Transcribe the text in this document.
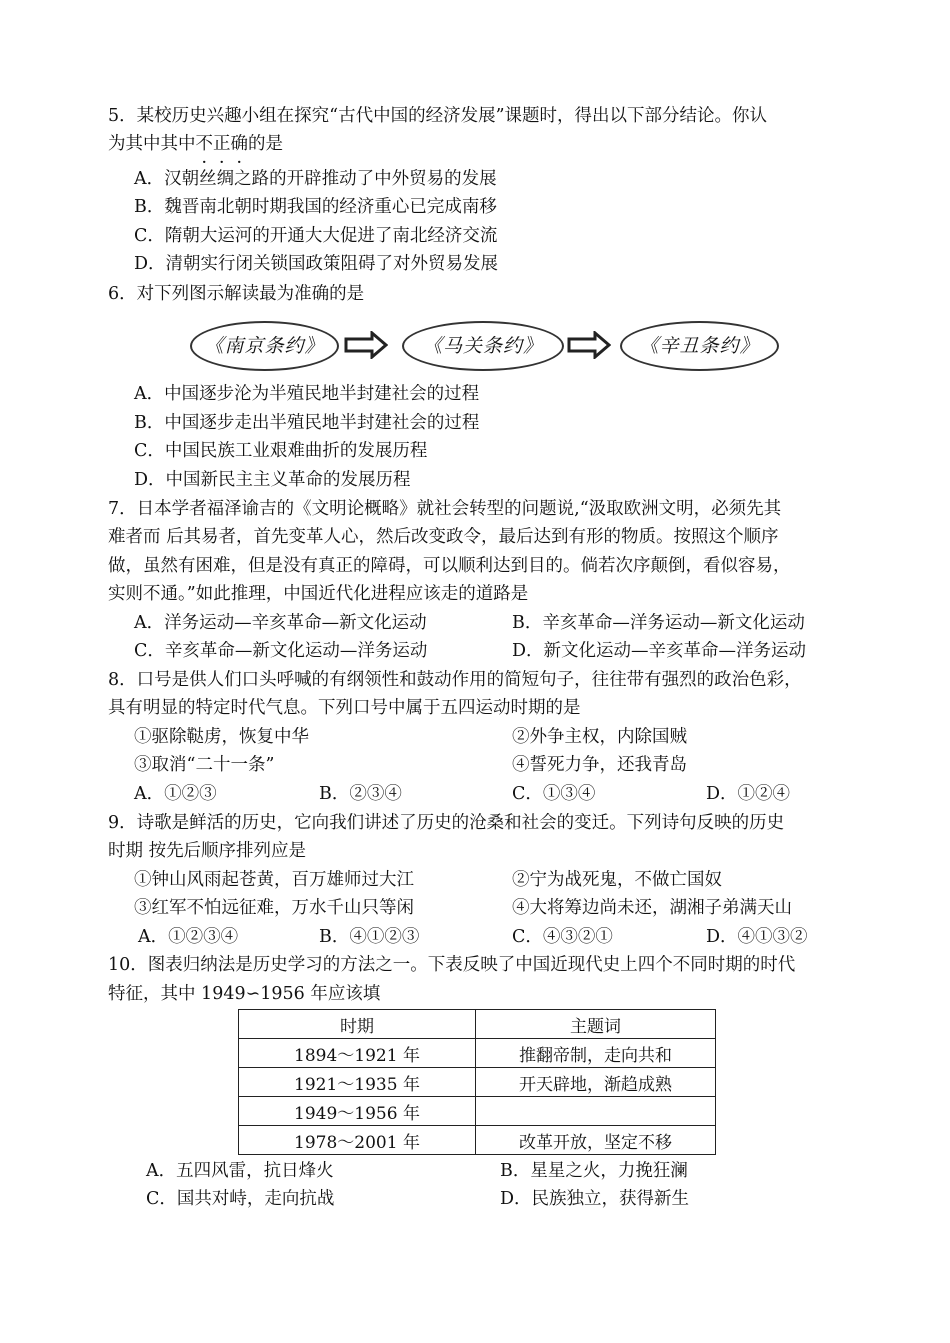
5．某校历史兴趣小组在探究“古代中国的经济发展”课题时，得出以下部分结论。你认
为其中其中不正确的是
A．汉朝丝绸之路的开辟推动了中外贸易的发展
B．魏晋南北朝时期我国的经济重心已完成南移
C．隋朝大运河的开通大大促进了南北经济交流
D．清朝实行闭关锁国政策阻碍了对外贸易发展
6．对下列图示解读最为准确的是
《南京条约》	《马关条约》	《辛丑条约》
A．中国逐步沦为半殖民地半封建社会的过程
B．中国逐步走出半殖民地半封建社会的过程
C．中国民族工业艰难曲折的发展历程
D．中国新民主主义革命的发展历程
7．日本学者福泽谕吉的《文明论概略》就社会转型的问题说,“汲取欧洲文明，必须先其
难者而 后其易者，首先变革人心，然后改变政令，最后达到有形的物质。按照这个顺序
做，虽然有困难，但是没有真正的障碍，可以顺利达到目的。倘若次序颠倒，看似容易，
实则不通。”如此推理，中国近代化进程应该走的道路是
A．洋务运动—辛亥革命—新文化运动	B．辛亥革命—洋务运动—新文化运动
C．辛亥革命—新文化运动—洋务运动	D．新文化运动—辛亥革命—洋务运动
8．口号是供人们口头呼喊的有纲领性和鼓动作用的简短句子，往往带有强烈的政治色彩，
具有明显的特定时代气息。下列口号中属于五四运动时期的是
①驱除鞑虏，恢复中华	②外争主权，内除国贼
③取消“二十一条”	④誓死力争，还我青岛
A．①②③	B．②③④	C．①③④	D．①②④
9．诗歌是鲜活的历史，它向我们讲述了历史的沧桑和社会的变迁。下列诗句反映的历史
时期 按先后顺序排列应是
①钟山风雨起苍黄，百万雄师过大江	②宁为战死鬼，不做亡国奴
③红军不怕远征难，万水千山只等闲	④大将筹边尚未还，湖湘子弟满天山
A．①②③④	B．④①②③	C．④③②①	D．④①③②
10．图表归纳法是历史学习的方法之一。下表反映了中国近现代史上四个不同时期的时代
特征，其中 1949∽1956 年应该填
时期	主题词
1894～1921 年	推翻帝制，走向共和
1921～1935 年	开天辟地，渐趋成熟
1949～1956 年	
1978～2001 年	改革开放，坚定不移
A．五四风雷，抗日烽火	B．星星之火，力挽狂澜
C．国共对峙，走向抗战	D．民族独立，获得新生
